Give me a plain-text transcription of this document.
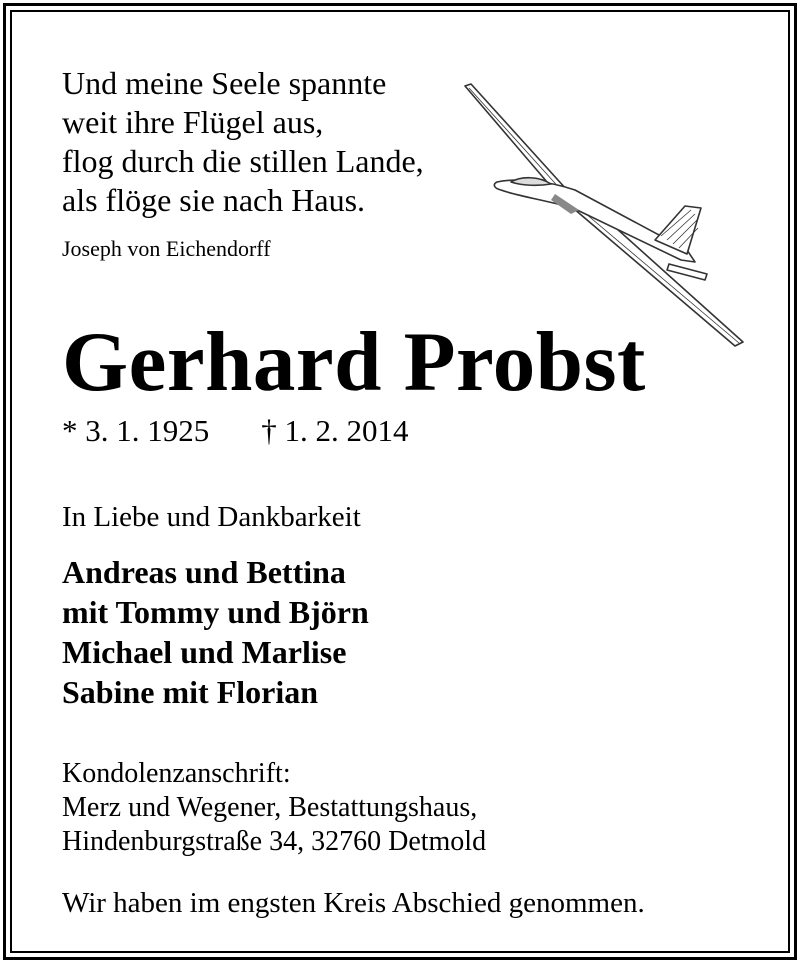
Und meine Seele spannte
weit ihre Flügel aus,
flog durch die stillen Lande,
als flöge sie nach Haus.
Joseph von Eichendorff
Gerhard Probst
* 3. 1. 1925 † 1. 2. 2014
In Liebe und Dankbarkeit
Andreas und Bettina
mit Tommy und Björn
Michael und Marlise
Sabine mit Florian
Kondolenzanschrift:
Merz und Wegener, Bestattungshaus,
Hindenburgstraße 34, 32760 Detmold
Wir haben im engsten Kreis Abschied genommen.
